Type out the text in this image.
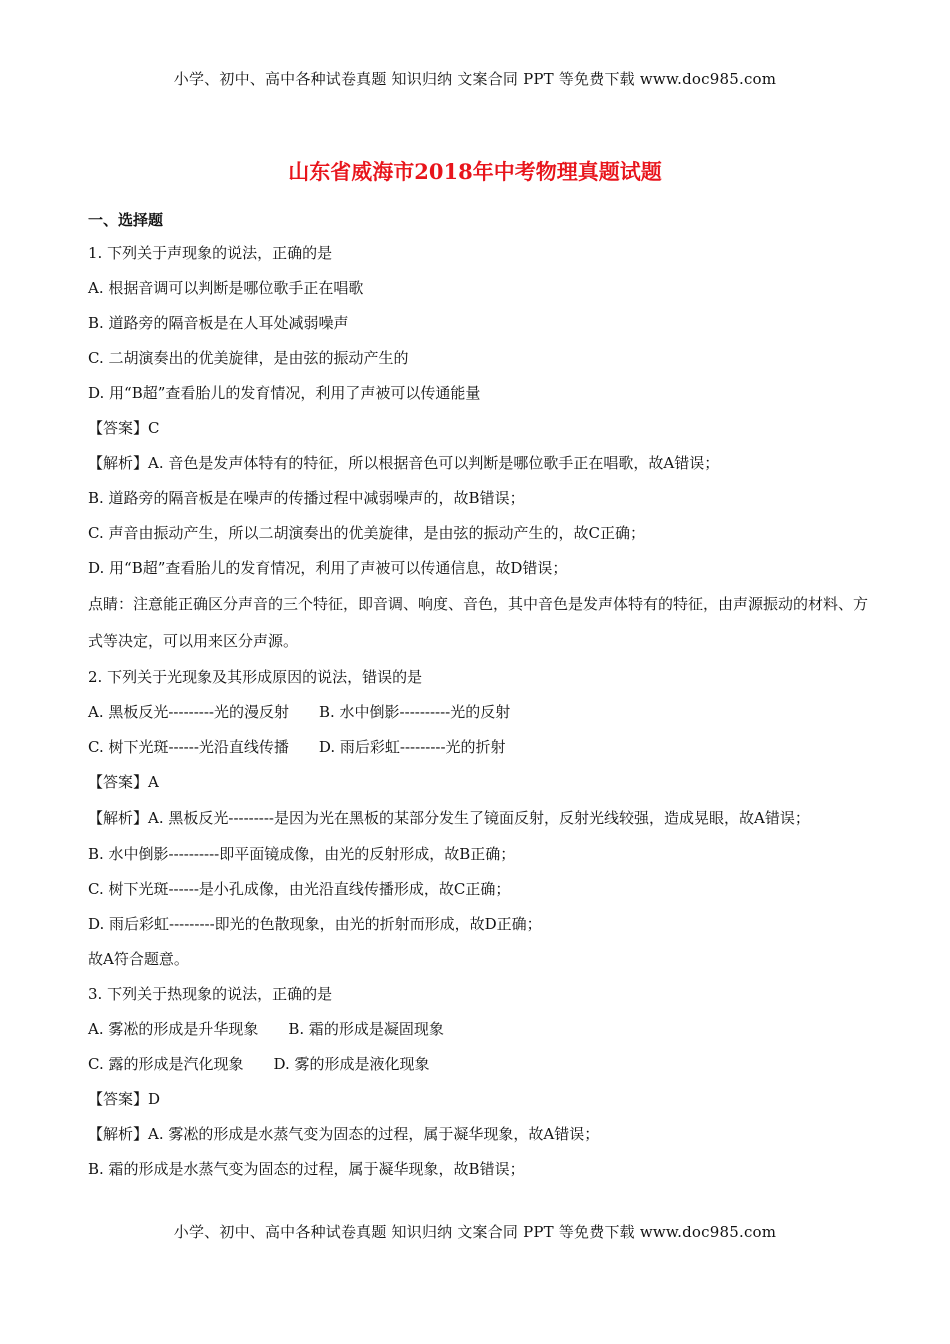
小学、初中、高中各种试卷真题 知识归纳 文案合同 PPT 等免费下载 www.doc985.com
山东省威海市2018年中考物理真题试题
一、选择题
1. 下列关于声现象的说法，正确的是
A. 根据音调可以判断是哪位歌手正在唱歌
B. 道路旁的隔音板是在人耳处减弱噪声
C. 二胡演奏出的优美旋律，是由弦的振动产生的
D. 用“B超”查看胎儿的发育情况，利用了声被可以传通能量
【答案】C
【解析】A. 音色是发声体特有的特征，所以根据音色可以判断是哪位歌手正在唱歌，故A错误；
B. 道路旁的隔音板是在噪声的传播过程中减弱噪声的，故B错误；
C. 声音由振动产生，所以二胡演奏出的优美旋律，是由弦的振动产生的，故C正确；
D. 用“B超”查看胎儿的发育情况，利用了声被可以传通信息，故D错误；
点睛：注意能正确区分声音的三个特征，即音调、响度、音色，其中音色是发声体特有的特征，由声源振动的材料、方式等决定，可以用来区分声源。
2. 下列关于光现象及其形成原因的说法，错误的是
A. 黑板反光---------光的漫反射 B. 水中倒影----------光的反射
C. 树下光斑------光沿直线传播 D. 雨后彩虹---------光的折射
【答案】A
【解析】A. 黑板反光---------是因为光在黑板的某部分发生了镜面反射，反射光线较强，造成晃眼，故A错误；
B. 水中倒影----------即平面镜成像，由光的反射形成，故B正确；
C. 树下光斑------是小孔成像，由光沿直线传播形成，故C正确；
D. 雨后彩虹---------即光的色散现象，由光的折射而形成，故D正确；
故A符合题意。
3. 下列关于热现象的说法，正确的是
A. 雾凇的形成是升华现象 B. 霜的形成是凝固现象
C. 露的形成是汽化现象 D. 雾的形成是液化现象
【答案】D
【解析】A. 雾凇的形成是水蒸气变为固态的过程，属于凝华现象，故A错误；
B. 霜的形成是水蒸气变为固态的过程，属于凝华现象，故B错误；
小学、初中、高中各种试卷真题 知识归纳 文案合同 PPT 等免费下载 www.doc985.com
